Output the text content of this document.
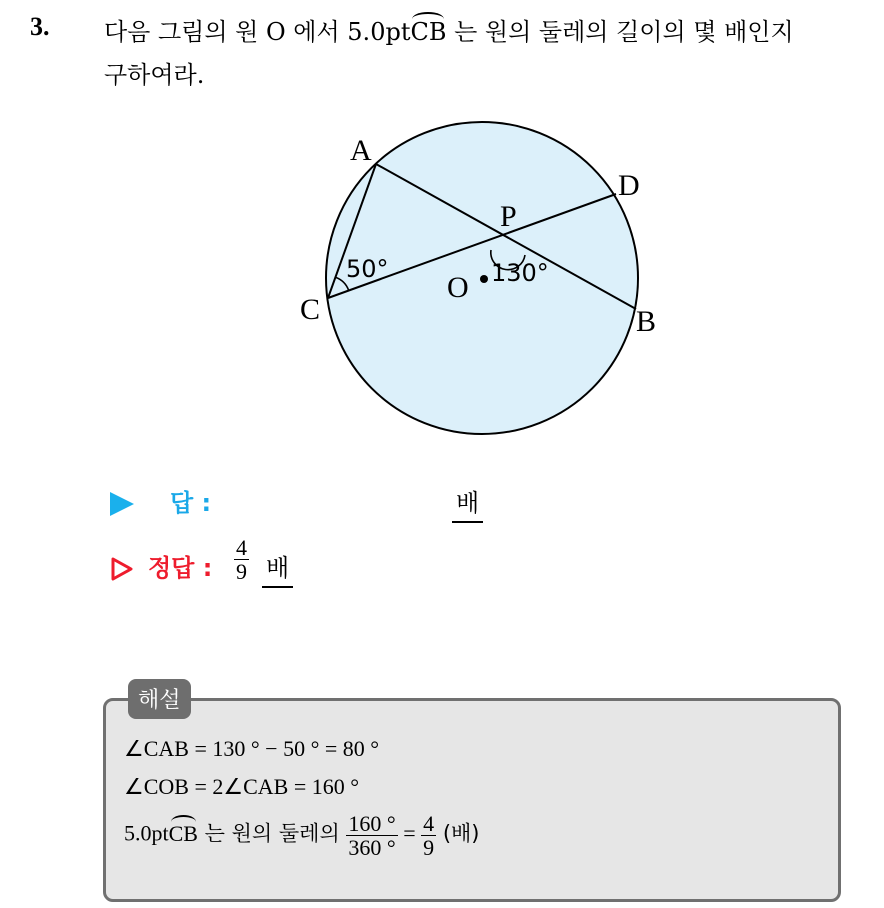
3. 다음 그림의 원 O 에서 5.0ptCB 는 원의 둘레의 길이의 몇 배인지
구하여라.
A
B
C
D
P
O
50°	130°
답 :	배
정답 : $\frac{4}{9}$ 배
해설
∠CAB = 130 ° − 50 ° = 80 °
∠COB = 2∠CAB = 160 °
5.0ptCB 는 원의 둘레의 $\frac{160 ^\circ}{360 ^\circ} = \frac{4}{9}$ (배)
